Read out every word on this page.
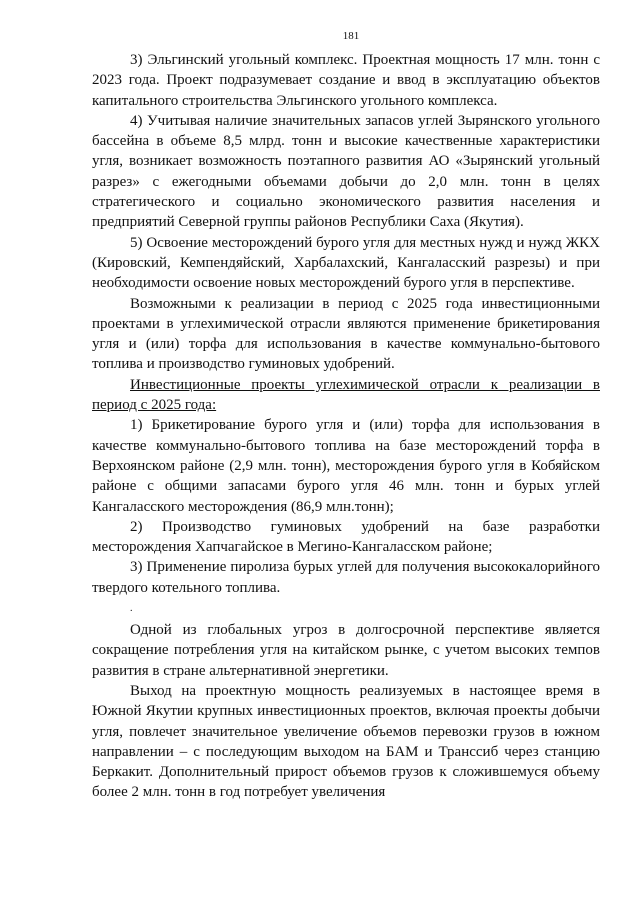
181

3) Эльгинский угольный комплекс. Проектная мощность 17 млн. тонн с 2023 года. Проект подразумевает создание и ввод в эксплуатацию объектов капитального строительства Эльгинского угольного комплекса.

4) Учитывая наличие значительных запасов углей Зырянского угольного бассейна в объеме 8,5 млрд. тонн и высокие качественные характеристики угля, возникает возможность поэтапного развития АО «Зырянский угольный разрез» с ежегодными объемами добычи до 2,0 млн. тонн в целях стратегического и социально экономического развития населения и предприятий Северной группы районов Республики Саха (Якутия).

5) Освоение месторождений бурого угля для местных нужд и нужд ЖКХ (Кировский, Кемпендяйский, Харбалахский, Кангаласский разрезы) и при необходимости освоение новых месторождений бурого угля в перспективе.

Возможными к реализации в период с 2025 года инвестиционными проектами в углехимической отрасли являются применение брикетирования угля и (или) торфа для использования в качестве коммунально-бытового топлива и производство гуминовых удобрений.

Инвестиционные проекты углехимической отрасли к реализации в период с 2025 года:

1) Брикетирование бурого угля и (или) торфа для использования в качестве коммунально-бытового топлива на базе месторождений торфа в Верхоянском районе (2,9 млн. тонн), месторождения бурого угля в Кобяйском районе с общими запасами бурого угля 46 млн. тонн и бурых углей Кангаласского месторождения (86,9 млн.тонн);

2) Производство гуминовых удобрений на базе разработки месторождения Хапчагайское в Мегино-Кангаласском районе;

3) Применение пиролиза бурых углей для получения высококалорийного твердого котельного топлива.

.

Одной из глобальных угроз в долгосрочной перспективе является сокращение потребления угля на китайском рынке, с учетом высоких темпов развития в стране альтернативной энергетики.

Выход на проектную мощность реализуемых в настоящее время в Южной Якутии крупных инвестиционных проектов, включая проекты добычи угля, повлечет значительное увеличение объемов перевозки грузов в южном направлении – с последующим выходом на БАМ и Транссиб через станцию Беркакит. Дополнительный прирост объемов грузов к сложившемуся объему более 2 млн. тонн в год потребует увеличения
